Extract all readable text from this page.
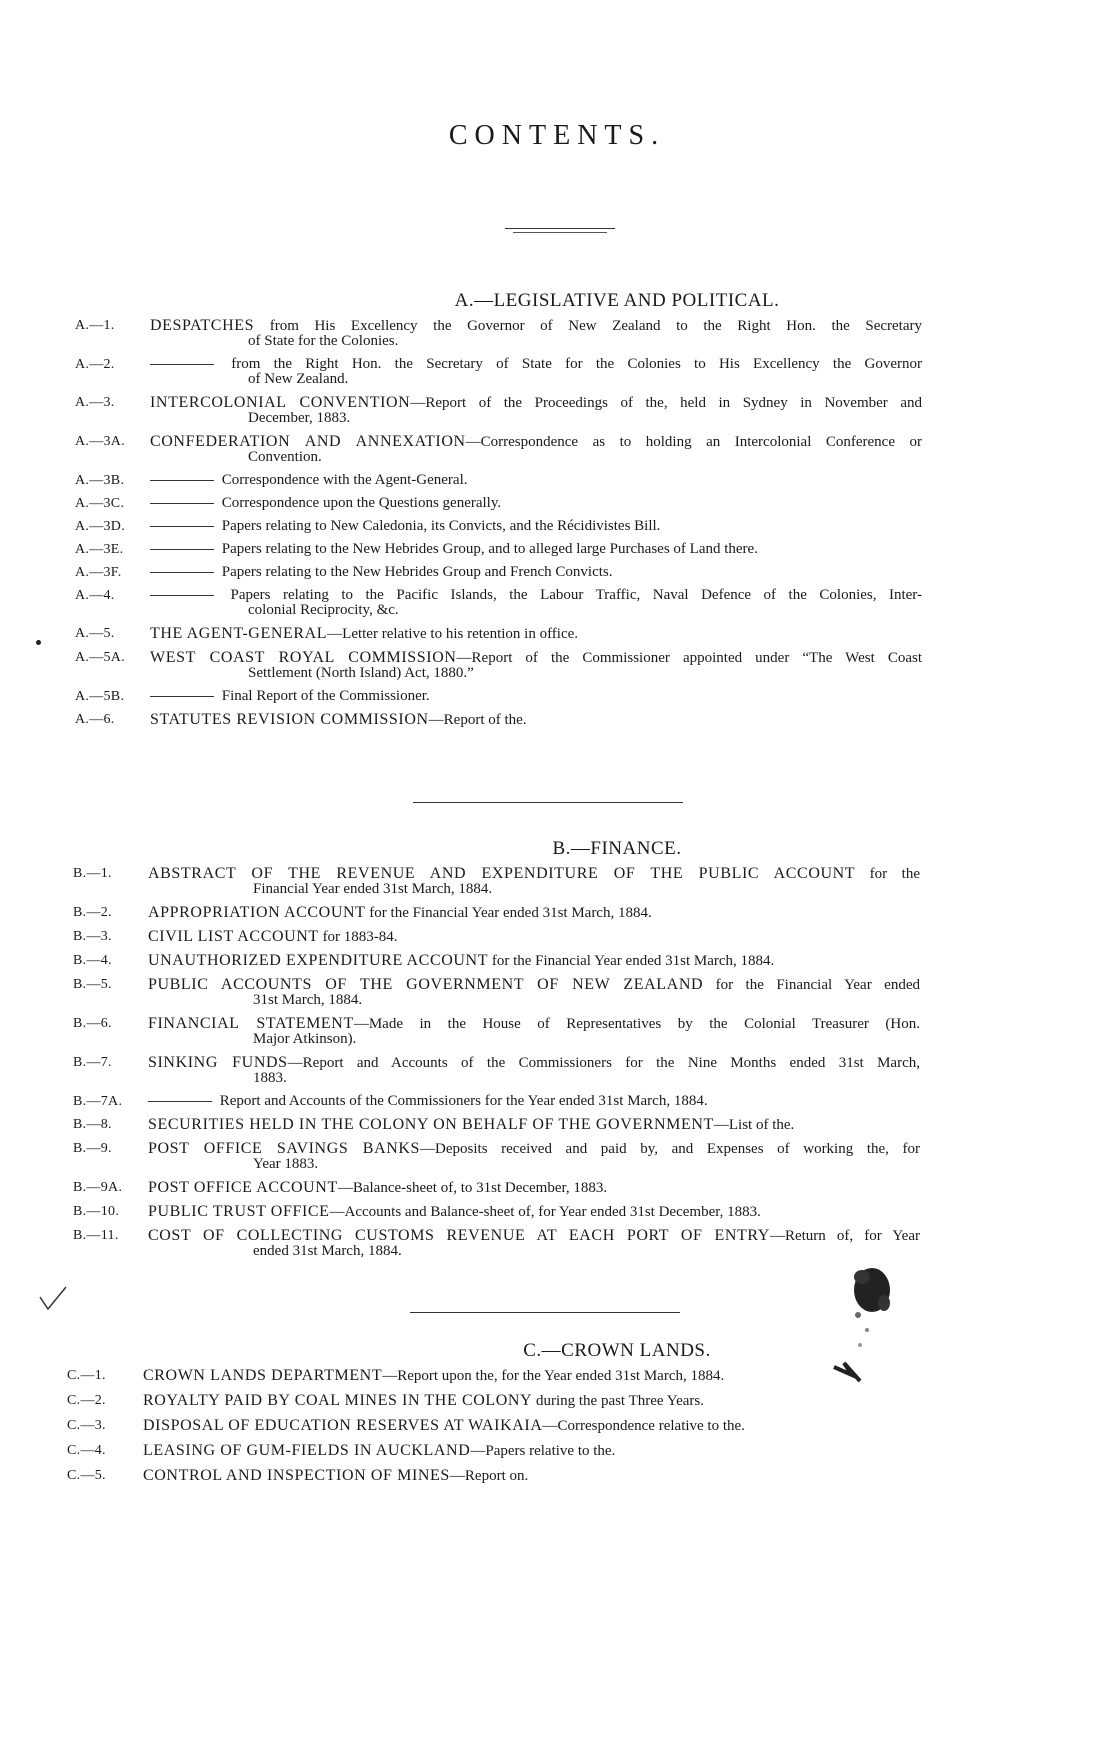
CONTENTS.
A.—LEGISLATIVE AND POLITICAL.
A.—1.	DESPATCHES from His Excellency the Governor of New Zealand to the Right Hon. the Secretary
of State for the Colonies.
A.—2.	from the Right Hon. the Secretary of State for the Colonies to His Excellency the Governor
of New Zealand.
A.—3.	INTERCOLONIAL CONVENTION—Report of the Proceedings of the, held in Sydney in November and
December, 1883.
A.—3A.	CONFEDERATION AND ANNEXATION—Correspondence as to holding an Intercolonial Conference or
Convention.
A.—3B.	Correspondence with the Agent-General.
A.—3C.	Correspondence upon the Questions generally.
A.—3D.	Papers relating to New Caledonia, its Convicts, and the Récidivistes Bill.
A.—3E.	Papers relating to the New Hebrides Group, and to alleged large Purchases of Land there.
A.—3F.	Papers relating to the New Hebrides Group and French Convicts.
A.—4.	Papers relating to the Pacific Islands, the Labour Traffic, Naval Defence of the Colonies, Inter-
colonial Reciprocity, &c.
A.—5.	THE AGENT-GENERAL—Letter relative to his retention in office.
A.—5A.	WEST COAST ROYAL COMMISSION—Report of the Commissioner appointed under “The West Coast
Settlement (North Island) Act, 1880.”
A.—5B.	Final Report of the Commissioner.
A.—6.	STATUTES REVISION COMMISSION—Report of the.
B.—FINANCE.
B.—1.	ABSTRACT OF THE REVENUE AND EXPENDITURE OF THE PUBLIC ACCOUNT for the
Financial Year ended 31st March, 1884.
B.—2.	APPROPRIATION ACCOUNT for the Financial Year ended 31st March, 1884.
B.—3.	CIVIL LIST ACCOUNT for 1883-84.
B.—4.	UNAUTHORIZED EXPENDITURE ACCOUNT for the Financial Year ended 31st March, 1884.
B.—5.	PUBLIC ACCOUNTS OF THE GOVERNMENT OF NEW ZEALAND for the Financial Year ended
31st March, 1884.
B.—6.	FINANCIAL STATEMENT—Made in the House of Representatives by the Colonial Treasurer (Hon.
Major Atkinson).
B.—7.	SINKING FUNDS—Report and Accounts of the Commissioners for the Nine Months ended 31st March,
1883.
B.—7A.	Report and Accounts of the Commissioners for the Year ended 31st March, 1884.
B.—8.	SECURITIES HELD IN THE COLONY ON BEHALF OF THE GOVERNMENT—List of the.
B.—9.	POST OFFICE SAVINGS BANKS—Deposits received and paid by, and Expenses of working the, for
Year 1883.
B.—9A.	POST OFFICE ACCOUNT—Balance-sheet of, to 31st December, 1883.
B.—10.	PUBLIC TRUST OFFICE—Accounts and Balance-sheet of, for Year ended 31st December, 1883.
B.—11.	COST OF COLLECTING CUSTOMS REVENUE AT EACH PORT OF ENTRY—Return of, for Year
ended 31st March, 1884.
C.—CROWN LANDS.
C.—1.	CROWN LANDS DEPARTMENT—Report upon the, for the Year ended 31st March, 1884.
C.—2.	ROYALTY PAID BY COAL MINES IN THE COLONY during the past Three Years.
C.—3.	DISPOSAL OF EDUCATION RESERVES AT WAIKAIA—Correspondence relative to the.
C.—4.	LEASING OF GUM-FIELDS IN AUCKLAND—Papers relative to the.
C.—5.	CONTROL AND INSPECTION OF MINES—Report on.
